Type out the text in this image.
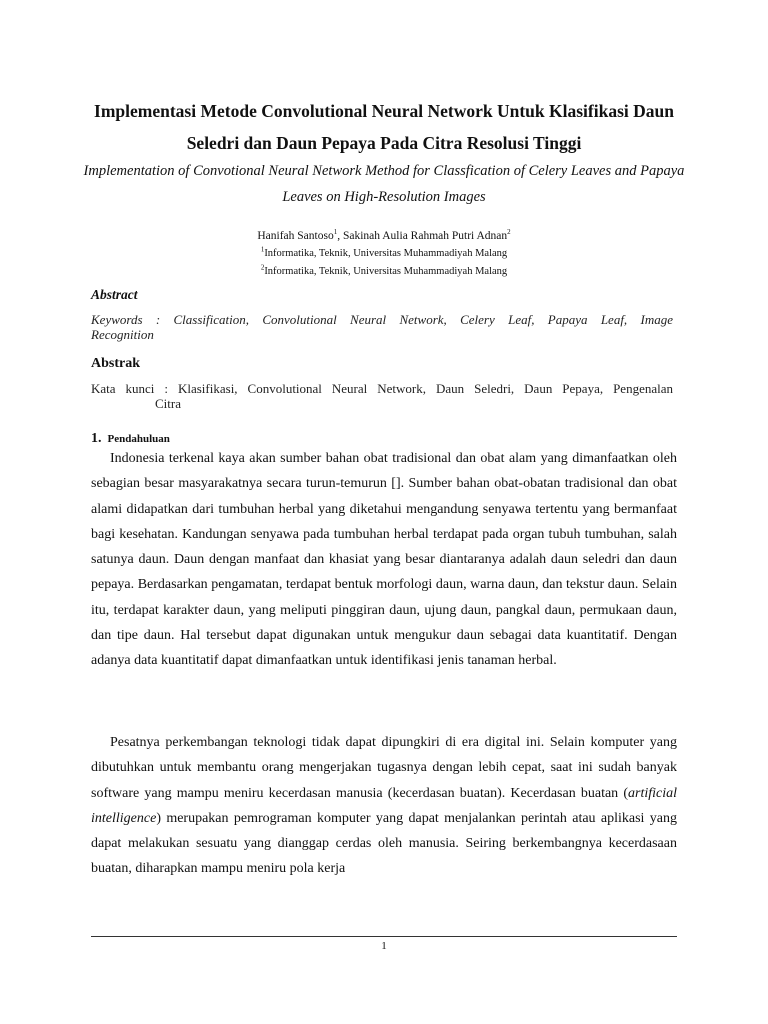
Implementasi Metode Convolutional Neural Network Untuk Klasifikasi Daun Seledri dan Daun Pepaya Pada Citra Resolusi Tinggi

Implementation of Convotional Neural Network Method for Classfication of Celery Leaves and Papaya Leaves on High-Resolution Images

Hanifah Santoso$^1$, Sakinah Aulia Rahmah Putri Adnan$^2$
$^1$Informatika, Teknik, Universitas Muhammadiyah Malang
$^2$Informatika, Teknik, Universitas Muhammadiyah Malang
Abstract
Keywords : Classification, Convolutional Neural Network, Celery Leaf, Papaya Leaf, Image
Recognition
Abstrak
Kata kunci : Klasifikasi, Convolutional Neural Network, Daun Seledri, Daun Pepaya, Pengenalan
Citra
1. Pendahuluan

Indonesia terkenal kaya akan sumber bahan obat tradisional dan obat alam yang dimanfaatkan oleh sebagian besar masyarakatnya secara turun-temurun []. Sumber bahan obat-obatan tradisional dan obat alami didapatkan dari tumbuhan herbal yang diketahui mengandung senyawa tertentu yang bermanfaat bagi kesehatan. Kandungan senyawa pada tumbuhan herbal terdapat pada organ tubuh tumbuhan, salah satunya daun. Daun dengan manfaat dan khasiat yang besar diantaranya adalah daun seledri dan daun pepaya. Berdasarkan pengamatan, terdapat bentuk morfologi daun, warna daun, dan tekstur daun. Selain itu, terdapat karakter daun, yang meliputi pinggiran daun, ujung daun, pangkal daun, permukaan daun, dan tipe daun. Hal tersebut dapat digunakan untuk mengukur daun sebagai data kuantitatif. Dengan adanya data kuantitatif dapat dimanfaatkan untuk identifikasi jenis tanaman herbal.

Pesatnya perkembangan teknologi tidak dapat dipungkiri di era digital ini. Selain komputer yang dibutuhkan untuk membantu orang mengerjakan tugasnya dengan lebih cepat, saat ini sudah banyak software yang mampu meniru kecerdasan manusia (kecerdasan buatan). Kecerdasan buatan (artificial intelligence) merupakan pemrograman komputer yang dapat menjalankan perintah atau aplikasi yang dapat melakukan sesuatu yang dianggap cerdas oleh manusia. Seiring berkembangnya kecerdasaan buatan, diharapkan mampu meniru pola kerja

1
